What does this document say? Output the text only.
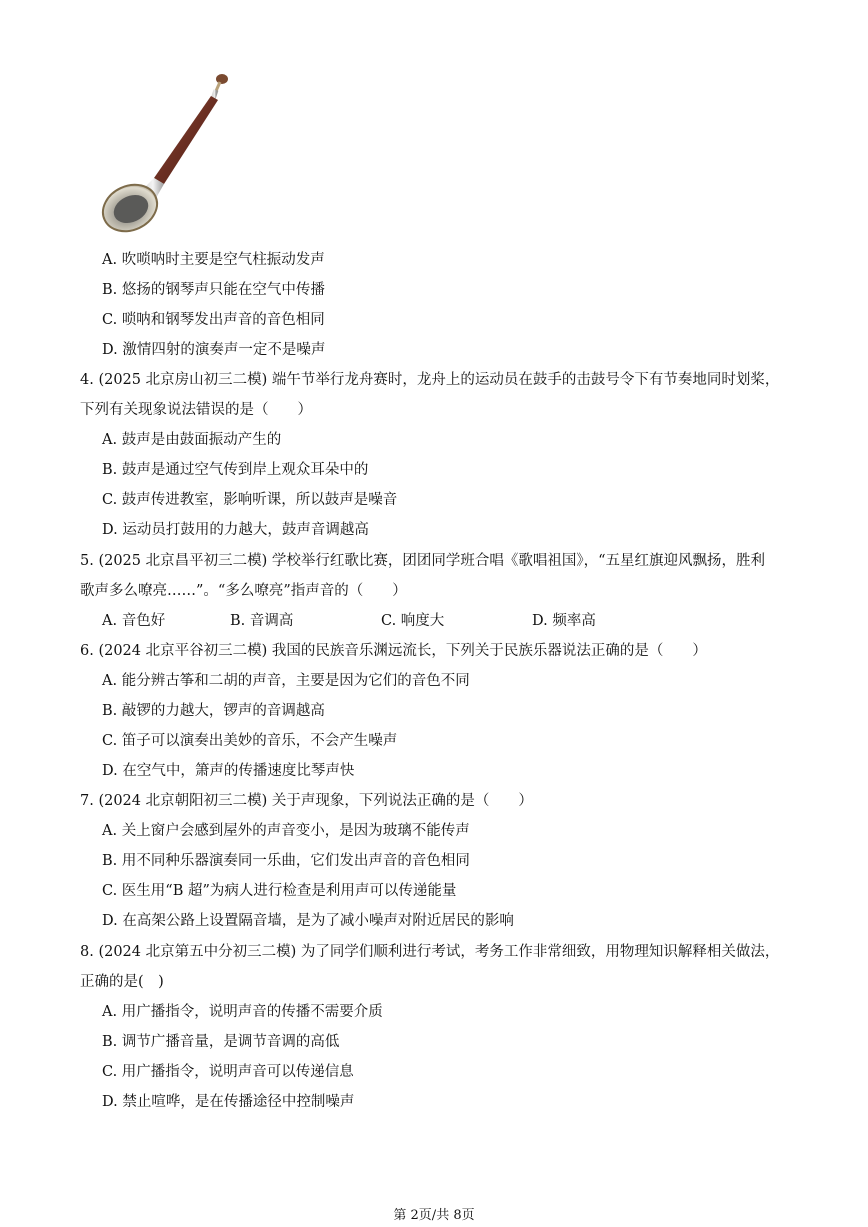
A. 吹唢呐时主要是空气柱振动发声
B. 悠扬的钢琴声只能在空气中传播
C. 唢呐和钢琴发出声音的音色相同
D. 激情四射的演奏声一定不是噪声
4. (2025 北京房山初三二模) 端午节举行龙舟赛时，龙舟上的运动员在鼓手的击鼓号令下有节奏地同时划桨，
下列有关现象说法错误的是（　　）
A. 鼓声是由鼓面振动产生的
B. 鼓声是通过空气传到岸上观众耳朵中的
C. 鼓声传进教室，影响听课，所以鼓声是噪音
D. 运动员打鼓用的力越大，鼓声音调越高
5. (2025 北京昌平初三二模) 学校举行红歌比赛，团团同学班合唱《歌唱祖国》，“五星红旗迎风飘扬，胜利
歌声多么嘹亮……”。“多么嘹亮”指声音的（　　）
A. 音色好	B. 音调高	C. 响度大	D. 频率高
6. (2024 北京平谷初三二模) 我国的民族音乐渊远流长，下列关于民族乐器说法正确的是（　　）
A. 能分辨古筝和二胡的声音，主要是因为它们的音色不同
B. 敲锣的力越大，锣声的音调越高
C. 笛子可以演奏出美妙的音乐，不会产生噪声
D. 在空气中，箫声的传播速度比琴声快
7. (2024 北京朝阳初三二模) 关于声现象，下列说法正确的是（　　）
A. 关上窗户会感到屋外的声音变小，是因为玻璃不能传声
B. 用不同种乐器演奏同一乐曲，它们发出声音的音色相同
C. 医生用“B 超”为病人进行检查是利用声可以传递能量
D. 在高架公路上设置隔音墙，是为了减小噪声对附近居民的影响
8. (2024 北京第五中分初三二模) 为了同学们顺利进行考试，考务工作非常细致，用物理知识解释相关做法，
正确的是(　)
A. 用广播指令，说明声音的传播不需要介质
B. 调节广播音量，是调节音调的高低
C. 用广播指令，说明声音可以传递信息
D. 禁止喧哗，是在传播途径中控制噪声
第 2页/共 8页
